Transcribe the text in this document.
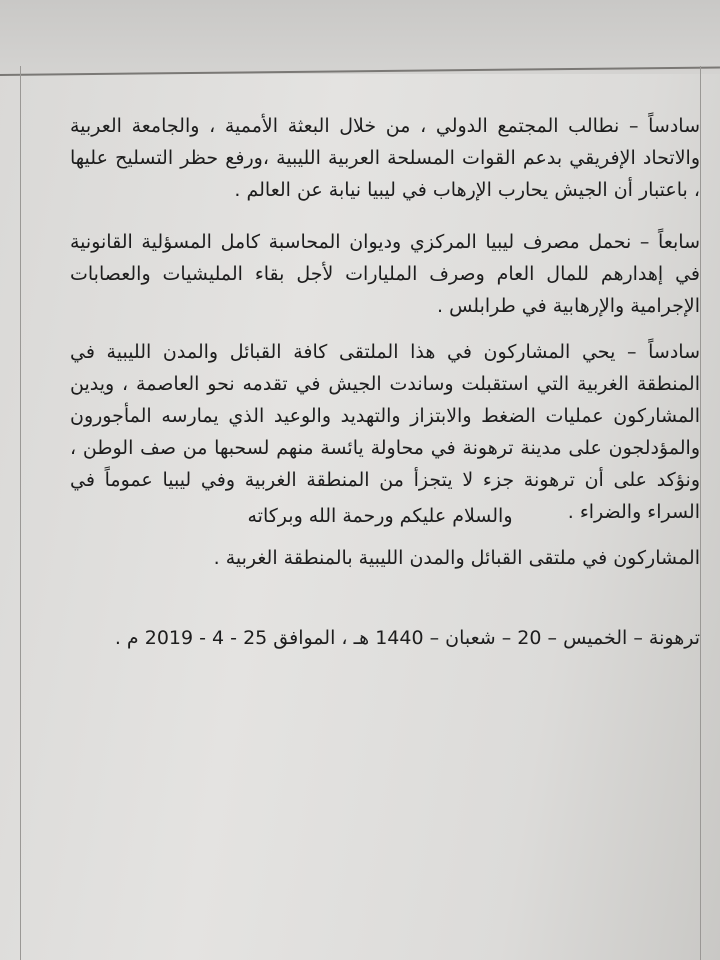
سادساً – نطالب المجتمع الدولي ، من خلال البعثة الأممية ، والجامعة العربية والاتحاد الإفريقي بدعم القوات المسلحة العربية الليبية ،ورفع حظر التسليح عليها ، باعتبار أن الجيش يحارب الإرهاب في ليبيا نيابة عن العالم .

سابعاً – نحمل مصرف ليبيا المركزي وديوان المحاسبة كامل المسؤلية القانونية في إهدارهم للمال العام وصرف المليارات لأجل بقاء المليشيات والعصابات الإجرامية والإرهابية في طرابلس .

سادساً – يحي المشاركون في هذا الملتقى كافة القبائل والمدن الليبية في المنطقة الغربية التي استقبلت وساندت الجيش في تقدمه نحو العاصمة ، ويدين المشاركون عمليات الضغط والابتزاز والتهديد والوعيد الذي يمارسه المأجورون والمؤدلجون على مدينة ترهونة في محاولة يائسة منهم لسحبها من صف الوطن ، ونؤكد على أن ترهونة جزء لا يتجزأ من المنطقة الغربية وفي ليبيا عموماً في السراء والضراء .

والسلام عليكم ورحمة الله وبركاته
المشاركون في ملتقى القبائل والمدن الليبية بالمنطقة الغربية .
ترهونة – الخميس – 20 – شعبان – 1440 هـ ، الموافق 25 - 4 - 2019 م .
